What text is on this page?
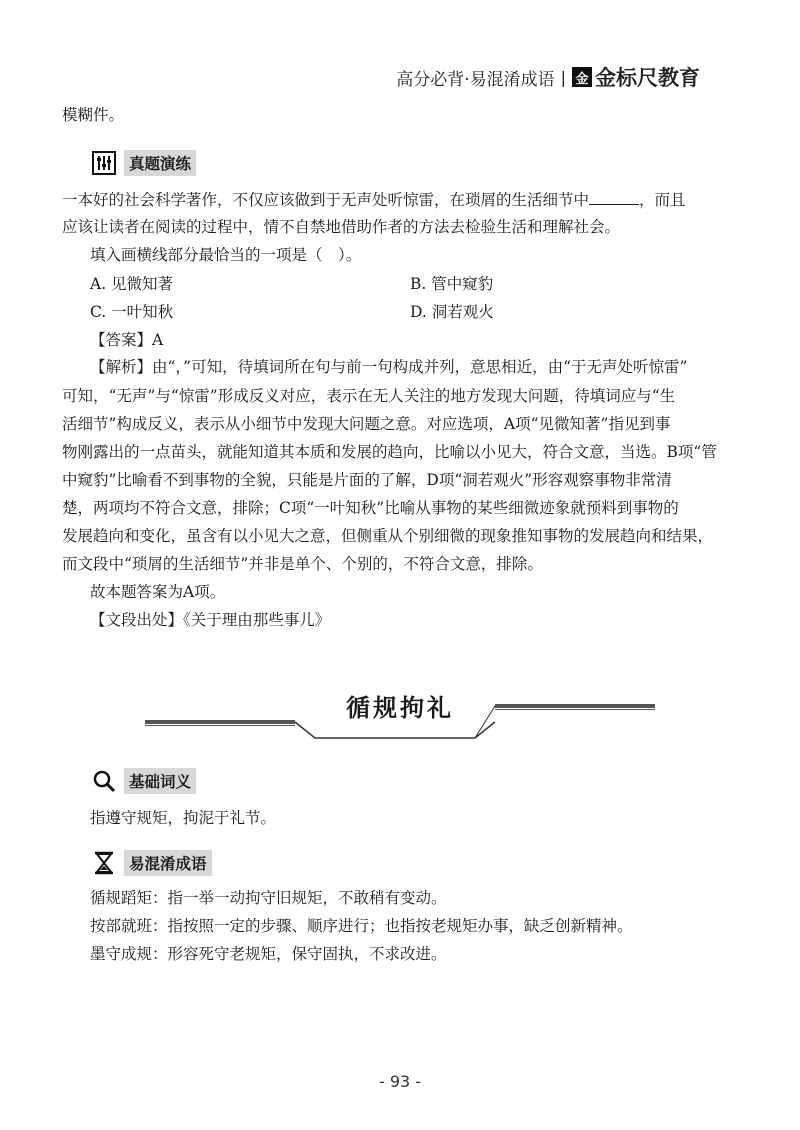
高分必背·易混淆成语 | 金 金标尺教育
模糊件。
真题演练
一本好的社会科学著作，不仅应该做到于无声处听惊雷，在琐屑的生活细节中	，而且
应该让读者在阅读的过程中，情不自禁地借助作者的方法去检验生活和理解社会。
填入画横线部分最恰当的一项是（　）。
A. 见微知著	B. 管中窥豹
C. 一叶知秋	D. 洞若观火
【答案】A
【解析】由“，”可知，待填词所在句与前一句构成并列，意思相近，由“于无声处听惊雷”
可知，“无声”与“惊雷”形成反义对应，表示在无人关注的地方发现大问题，待填词应与“生
活细节”构成反义，表示从小细节中发现大问题之意。对应选项，A项“见微知著”指见到事
物刚露出的一点苗头，就能知道其本质和发展的趋向，比喻以小见大，符合文意，当选。B项“管
中窥豹”比喻看不到事物的全貌，只能是片面的了解，D项“洞若观火”形容观察事物非常清
楚，两项均不符合文意，排除；C项“一叶知秋”比喻从事物的某些细微迹象就预料到事物的
发展趋向和变化，虽含有以小见大之意，但侧重从个别细微的现象推知事物的发展趋向和结果，
而文段中“琐屑的生活细节”并非是单个、个别的，不符合文意，排除。
故本题答案为A项。
【文段出处】《关于理由那些事儿》
循规拘礼
基础词义
指遵守规矩，拘泥于礼节。
易混淆成语
循规蹈矩：指一举一动拘守旧规矩，不敢稍有变动。
按部就班：指按照一定的步骤、顺序进行；也指按老规矩办事，缺乏创新精神。
墨守成规：形容死守老规矩，保守固执，不求改进。
- 93 -
